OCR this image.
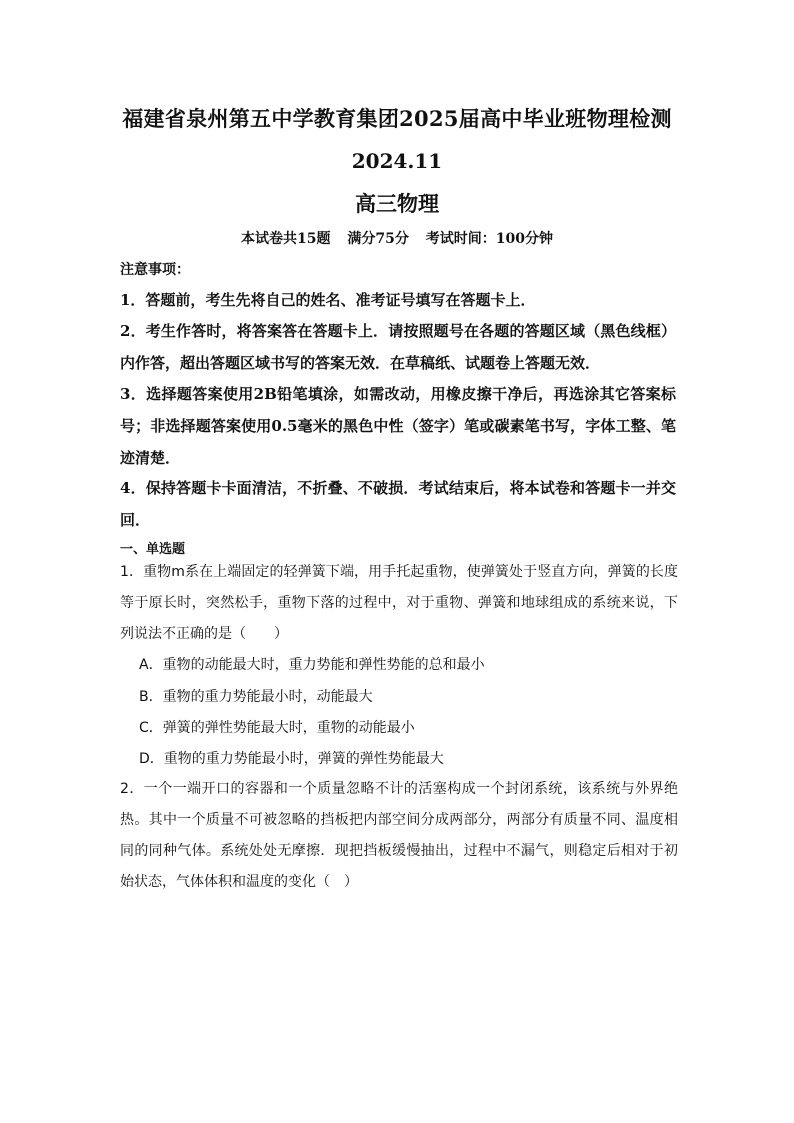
福建省泉州第五中学教育集团2025届高中毕业班物理检测
2024.11
高三物理
本试卷共15题 满分75分 考试时间：100分钟
注意事项：
1．答题前，考生先将自己的姓名、准考证号填写在答题卡上．
2．考生作答时，将答案答在答题卡上．请按照题号在各题的答题区域（黑色线框）内作答，超出答题区域书写的答案无效．在草稿纸、试题卷上答题无效．
3．选择题答案使用2B铅笔填涂，如需改动，用橡皮擦干净后，再选涂其它答案标号；非选择题答案使用0.5毫米的黑色中性（签字）笔或碳素笔书写，字体工整、笔迹清楚．
4．保持答题卡卡面清洁，不折叠、不破损．考试结束后，将本试卷和答题卡一并交回．
一、单选题
1．重物m系在上端固定的轻弹簧下端，用手托起重物，使弹簧处于竖直方向，弹簧的长度等于原长时，突然松手，重物下落的过程中，对于重物、弹簧和地球组成的系统来说，下列说法不正确的是（　　）
A．重物的动能最大时，重力势能和弹性势能的总和最小
B．重物的重力势能最小时，动能最大
C．弹簧的弹性势能最大时，重物的动能最小
D．重物的重力势能最小时，弹簧的弹性势能最大
2．一个一端开口的容器和一个质量忽略不计的活塞构成一个封闭系统，该系统与外界绝热。其中一个质量不可被忽略的挡板把内部空间分成两部分，两部分有质量不同、温度相同的同种气体。系统处处无摩擦．现把挡板缓慢抽出，过程中不漏气，则稳定后相对于初始状态，气体体积和温度的变化（　）
